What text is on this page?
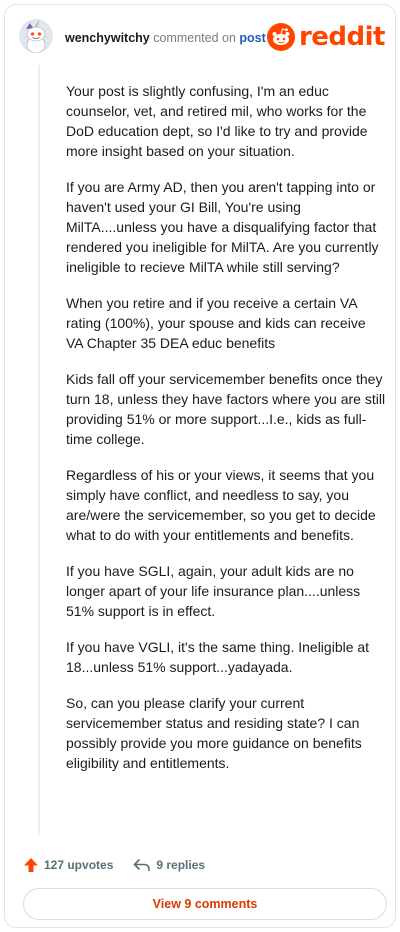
wenchywitchy commented on post reddit

Your post is slightly confusing, I'm an educ counselor, vet, and retired mil, who works for the DoD education dept, so I'd like to try and provide more insight based on your situation.

If you are Army AD, then you aren't tapping into or haven't used your GI Bill, You're using MilTA....unless you have a disqualifying factor that rendered you ineligible for MilTA. Are you currently ineligible to recieve MilTA while still serving?

When you retire and if you receive a certain VA rating (100%), your spouse and kids can receive VA Chapter 35 DEA educ benefits

Kids fall off your servicemember benefits once they turn 18, unless they have factors where you are still providing 51% or more support...I.e., kids as full-time college.

Regardless of his or your views, it seems that you simply have conflict, and needless to say, you are/were the servicemember, so you get to decide what to do with your entitlements and benefits.

If you have SGLI, again, your adult kids are no longer apart of your life insurance plan....unless 51% support is in effect.

If you have VGLI, it's the same thing. Ineligible at 18...unless 51% support...yadayada.

So, can you please clarify your current servicemember status and residing state? I can possibly provide you more guidance on benefits eligibility and entitlements.

127 upvotes	9 replies
View 9 comments
